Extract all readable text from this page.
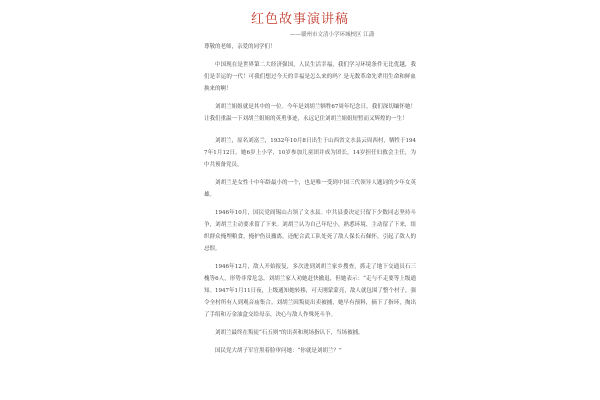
红色故事演讲稿
——赣州市文清小学环城校区 江潇

尊敬的老师，亲爱的同学们！

中国现在是世界第二大经济强国，人民生活幸福，我们学习环境条件无比优越，我们是幸运的一代！可我们想过今天的幸福是怎么来的吗？是无数革命先辈用生命和鲜血换来的啊！

刘胡兰姐姐就是其中的一位。今年是刘胡兰牺牲67周年纪念日，我们深切缅怀她！让我们重温一下刘胡兰姐姐的英勇事迹，永远记住刘胡兰姐姐短暂而又辉煌的一生！

刘胡兰，原名刘富兰，1932年10月8日出生于山西省文水县云周西村，牺牲于1947年1月12日。她6岁上小学，10岁参加儿童团并成为团长，14岁担任妇救会主任，为中共预备党员。

刘胡兰是女性十中年龄最小的一个，也是唯一受到中国三代领导人题词的少年女英雄。

1946年10月，国民党阎锡山占领了文水县。中共县委决定只留下少数同志坚持斗争，刘胡兰主动要求留了下来。刘胡兰认为自己年纪小，熟悉环境，主动留了下来，组织群众掩埋粮食，掩护伤员撤离，还配合武工队处死了敌人保长石佩怀，引起了敌人的忌恨。

1946年12月，敌人开始报复，多次进到刘胡兰家乡搜查，抓走了地下交通员石三槐等6人，形势非常危急。刘胡兰家人劝她赶快撤退，但她表示：“走与不走要等上级通知。1947年1月11日夜，上级通知她转移，可天刚蒙蒙亮，敌人就包围了整个村子，强令全村所有人到观音庙集合。刘胡兰因叛徒出卖被捕，她早有预料，摘下了指环，掏出了手绢和万金油盒交给母亲，决心与敌人作殊死斗争。

刘胡兰最终在叛徒“石五则”的出卖和现场指认下，当场被捕。

国民党大胡子军官黑着脸审问她：“你就是刘胡兰？”
